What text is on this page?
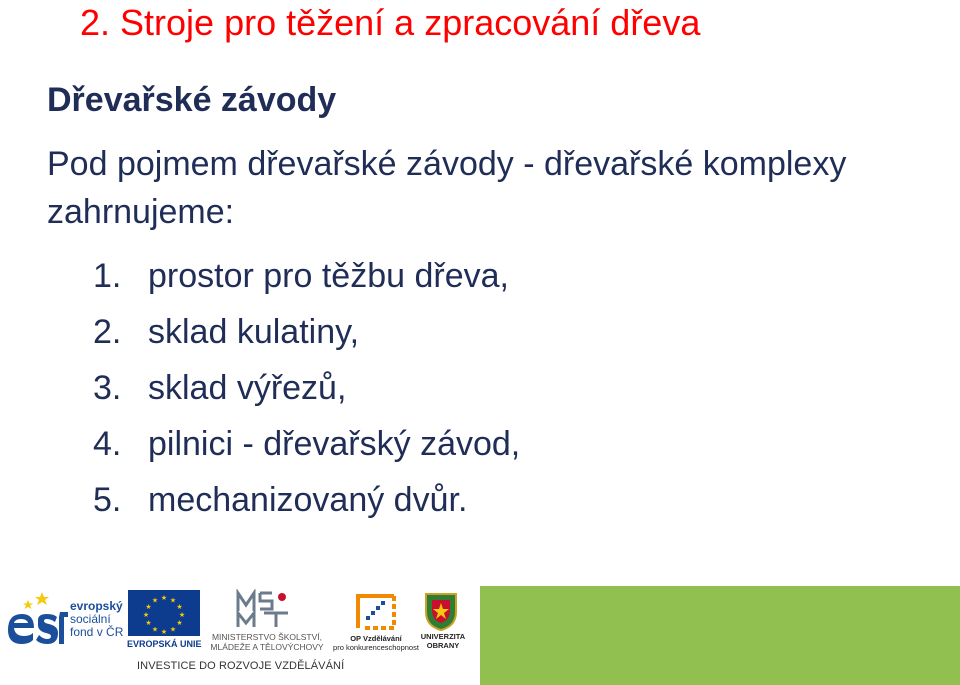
2. Stroje pro těžení a zpracování dřeva
Dřevařské závody
Pod pojmem dřevařské závody - dřevařské komplexy zahrnujeme:
1. prostor pro těžbu dřeva,
2. sklad kulatiny,
3. sklad výřezů,
4. pilnici - dřevařský závod,
5. mechanizovaný dvůr.
evropský
sociální
fond v ČR
★ ★
★
★
★
★
★
★
★
★
★
★
EVROPSKÁ UNIE
MINISTERSTVO ŠKOLSTVÍ,
MLÁDEŽE A TĚLOVÝCHOVY
OP Vzdělávání
pro konkurenceschopnost
UNIVERZITA
OBRANY
INVESTICE DO ROZVOJE VZDĚLÁVÁNÍ
